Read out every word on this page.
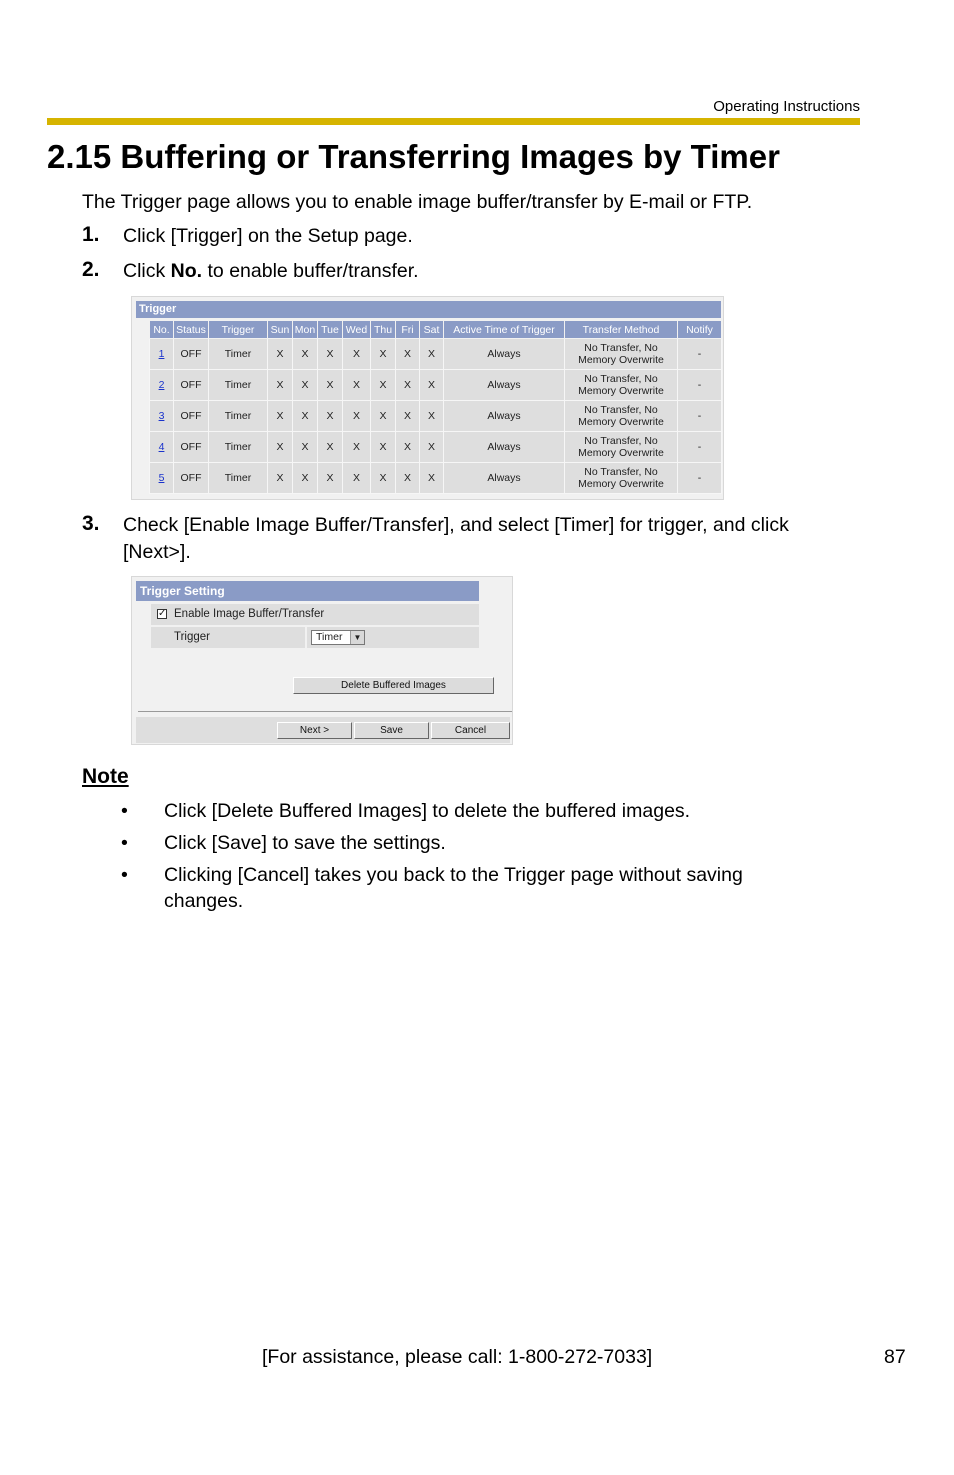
Operating Instructions
2.15 Buffering or Transferring Images by Timer
The Trigger page allows you to enable image buffer/transfer by E-mail or FTP.
1. Click [Trigger] on the Setup page.
2. Click No. to enable buffer/transfer.
Trigger
No.	Status	Trigger	Sun	Mon	Tue	Wed	Thu	Fri	Sat	Active Time of Trigger	Transfer Method	Notify
1	OFF	Timer	X	X	X	X	X	X	X	Always	No Transfer, No Memory Overwrite	-
2	OFF	Timer	X	X	X	X	X	X	X	Always	No Transfer, No Memory Overwrite	-
3	OFF	Timer	X	X	X	X	X	X	X	Always	No Transfer, No Memory Overwrite	-
4	OFF	Timer	X	X	X	X	X	X	X	Always	No Transfer, No Memory Overwrite	-
5	OFF	Timer	X	X	X	X	X	X	X	Always	No Transfer, No Memory Overwrite	-
3. Check [Enable Image Buffer/Transfer], and select [Timer] for trigger, and click
[Next>].
Trigger Setting
✓ Enable Image Buffer/Transfer
Trigger	Timer	▼
Delete Buffered Images
Next >	Save	Cancel
Note
• Click [Delete Buffered Images] to delete the buffered images.
• Click [Save] to save the settings.
• Clicking [Cancel] takes you back to the Trigger page without saving
changes.
[For assistance, please call: 1-800-272-7033]	87
